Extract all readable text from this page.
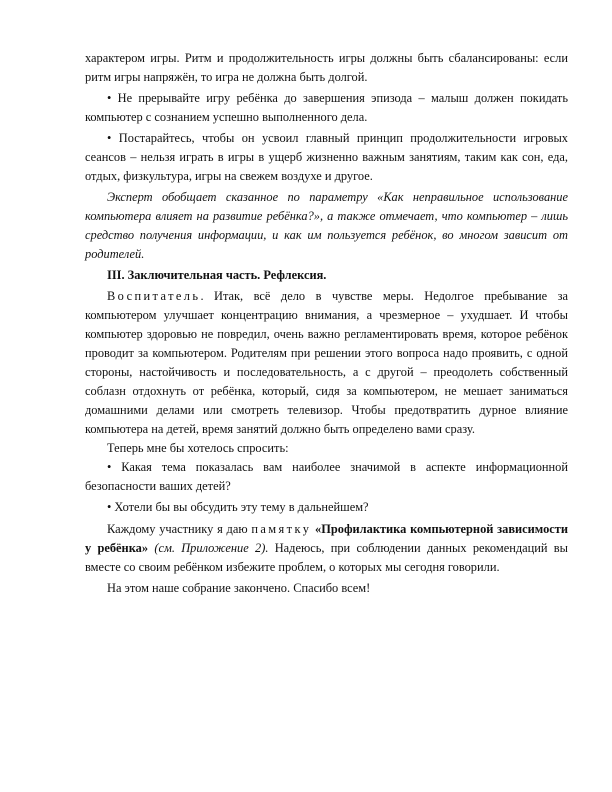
характером игры. Ритм и продолжительность игры должны быть сбалансированы: если ритм игры напряжён, то игра не должна быть долгой.

• Не прерывайте игру ребёнка до завершения эпизода – малыш должен покидать компьютер с сознанием успешно выполненного дела.

• Постарайтесь, чтобы он усвоил главный принцип продолжительности игровых сеансов – нельзя играть в игры в ущерб жизненно важным занятиям, таким как сон, еда, отдых, физкультура, игры на свежем воздухе и другое.

Эксперт обобщает сказанное по параметру «Как неправильное использование компьютера влияет на развитие ребёнка?», а также отмечает, что компьютер – лишь средство получения информации, и как им пользуется ребёнок, во многом зависит от родителей.

III. Заключительная часть. Рефлексия.

Воспитатель. Итак, всё дело в чувстве меры. Недолгое пребывание за компьютером улучшает концентрацию внимания, а чрезмерное – ухудшает. И чтобы компьютер здоровью не повредил, очень важно регламентировать время, которое ребёнок проводит за компьютером. Родителям при решении этого вопроса надо проявить, с одной стороны, настойчивость и последовательность, а с другой – преодолеть собственный соблазн отдохнуть от ребёнка, который, сидя за компьютером, не мешает заниматься домашними делами или смотреть телевизор. Чтобы предотвратить дурное влияние компьютера на детей, время занятий должно быть определено вами сразу.

Теперь мне бы хотелось спросить:

• Какая тема показалась вам наиболее значимой в аспекте информационной безопасности ваших детей?

• Хотели бы вы обсудить эту тему в дальнейшем?

Каждому участнику я даю памятку «Профилактика компьютерной зависимости у ребёнка» (см. Приложение 2). Надеюсь, при соблюдении данных рекомендаций вы вместе со своим ребёнком избежите проблем, о которых мы сегодня говорили.

На этом наше собрание закончено. Спасибо всем!
